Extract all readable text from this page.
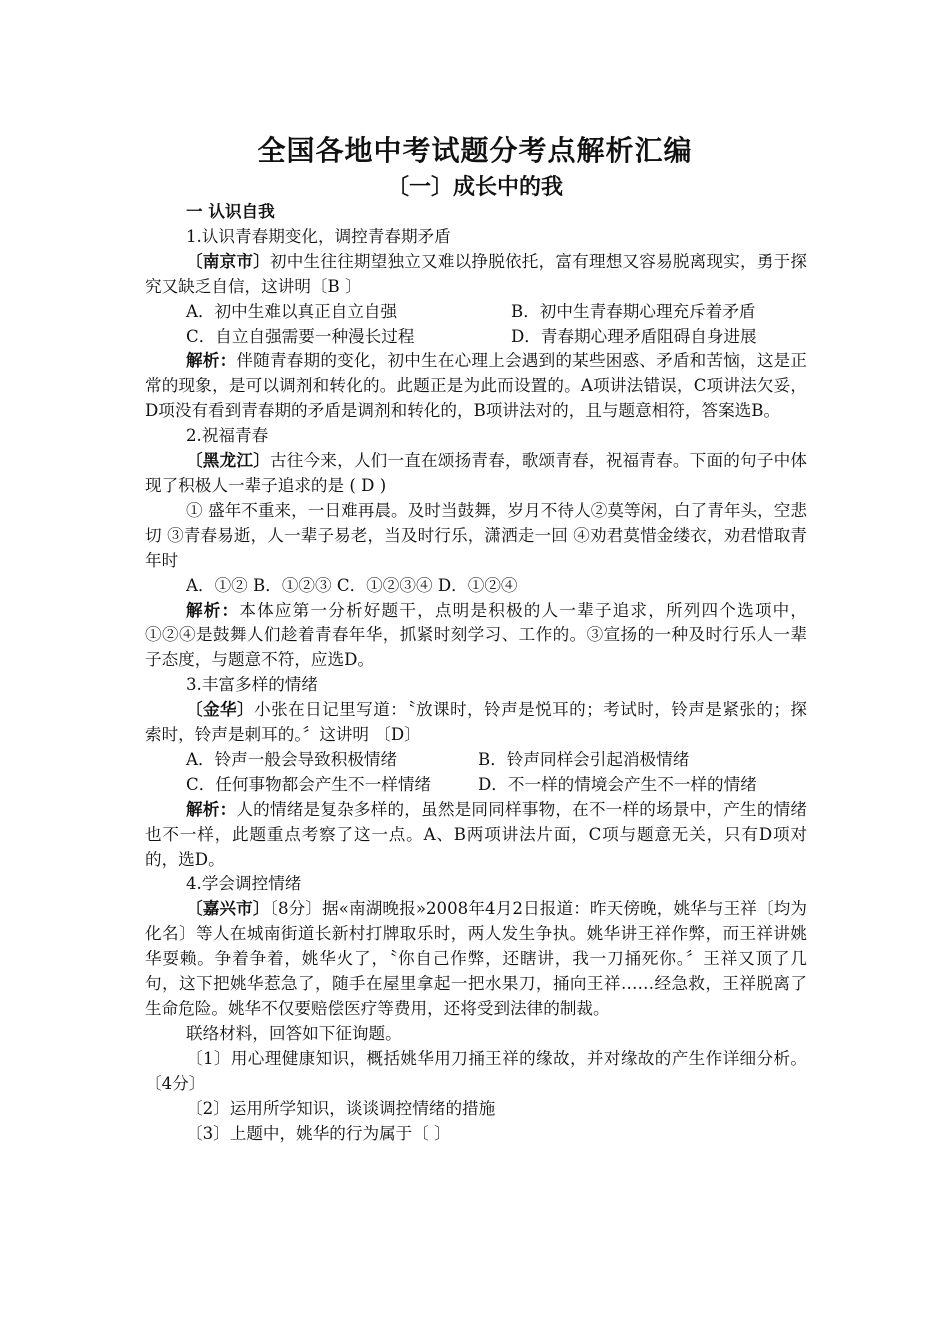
全国各地中考试题分考点解析汇编
〔一〕成长中的我

一 认识自我

1.认识青春期变化，调控青春期矛盾

〔南京市〕初中生往往期望独立又难以挣脱依托，富有理想又容易脱离现实，勇于探究又缺乏自信，这讲明〔B 〕

A．初中生难以真正自立自强	B．初中生青春期心理充斥着矛盾
C．自立自强需要一种漫长过程	D．青春期心理矛盾阻碍自身进展

解析：伴随青春期的变化，初中生在心理上会遇到的某些困惑、矛盾和苦恼，这是正常的现象，是可以调剂和转化的。此题正是为此而设置的。A项讲法错误，C项讲法欠妥，D项没有看到青春期的矛盾是调剂和转化的，B项讲法对的，且与题意相符，答案选B。

2.祝福青春

〔黑龙江〕古往今来，人们一直在颂扬青春，歌颂青春，祝福青春。下面的句子中体现了积极人一辈子追求的是 ( D )

① 盛年不重来，一日难再晨。及时当鼓舞，岁月不待人②莫等闲，白了青年头，空悲切 ③青春易逝，人一辈子易老，当及时行乐，潇洒走一回 ④劝君莫惜金缕衣，劝君惜取青年时

A．①② B．①②③ C．①②③④ D．①②④

解析：本体应第一分析好题干，点明是积极的人一辈子追求，所列四个选项中，①②④是鼓舞人们趁着青春年华，抓紧时刻学习、工作的。③宣扬的一种及时行乐人一辈子态度，与题意不符，应选D。

3.丰富多样的情绪

〔金华〕小张在日记里写道：〝放课时，铃声是悦耳的；考试时，铃声是紧张的；探索时，铃声是刺耳的。〞这讲明 〔D〕

A．铃声一般会导致积极情绪	B．铃声同样会引起消极情绪

C．任何事物都会产生不一样情绪	D．不一样的情境会产生不一样的情绪

解析：人的情绪是复杂多样的，虽然是同同样事物，在不一样的场景中，产生的情绪也不一样，此题重点考察了这一点。A、B两项讲法片面，C项与题意无关，只有D项对的，选D。

4.学会调控情绪

〔嘉兴市〕〔8分〕据«南湖晚报»2008年4月2日报道：昨天傍晚，姚华与王祥〔均为化名〕等人在城南街道长新村打牌取乐时，两人发生争执。姚华讲王祥作弊，而王祥讲姚华耍赖。争着争着，姚华火了，〝你自己作弊，还瞎讲，我一刀捅死你。〞王祥又顶了几句，这下把姚华惹急了，随手在屋里拿起一把水果刀，捅向王祥……经急救，王祥脱离了生命危险。姚华不仅要赔偿医疗等费用，还将受到法律的制裁。

联络材料，回答如下征询题。

〔1〕用心理健康知识，概括姚华用刀捅王祥的缘故，并对缘故的产生作详细分析。〔4分〕

〔2〕运用所学知识，谈谈调控情绪的措施

〔3〕上题中，姚华的行为属于〔 〕
